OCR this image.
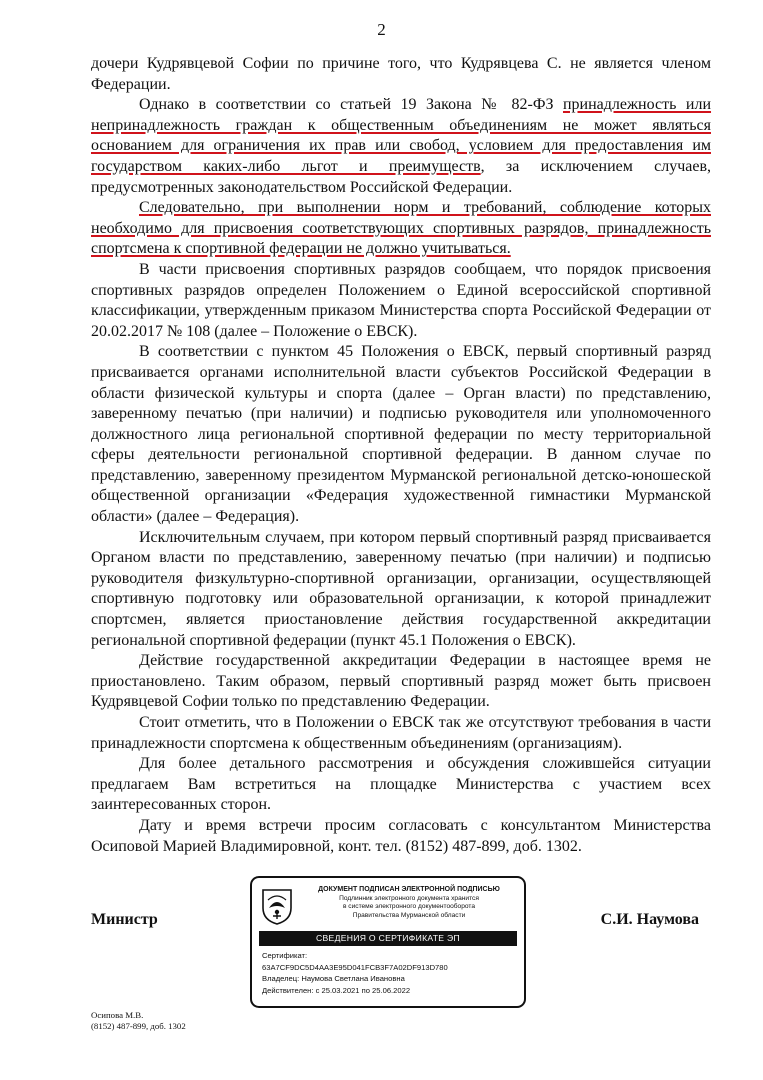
2

дочери Кудрявцевой Софии по причине того, что Кудрявцева С. не является членом Федерации.

Однако в соответствии со статьей 19 Закона № 82-ФЗ принадлежность или непринадлежность граждан к общественным объединениям не может являться основанием для ограничения их прав или свобод, условием для предоставления им государством каких-либо льгот и преимуществ, за исключением случаев, предусмотренных законодательством Российской Федерации.

Следовательно, при выполнении норм и требований, соблюдение которых необходимо для присвоения соответствующих спортивных разрядов, принадлежность спортсмена к спортивной федерации не должно учитываться.

В части присвоения спортивных разрядов сообщаем, что порядок присвоения спортивных разрядов определен Положением о Единой всероссийской спортивной классификации, утвержденным приказом Министерства спорта Российской Федерации от 20.02.2017 № 108 (далее – Положение о ЕВСК).

В соответствии с пунктом 45 Положения о ЕВСК, первый спортивный разряд присваивается органами исполнительной власти субъектов Российской Федерации в области физической культуры и спорта (далее – Орган власти) по представлению, заверенному печатью (при наличии) и подписью руководителя или уполномоченного должностного лица региональной спортивной федерации по месту территориальной сферы деятельности региональной спортивной федерации. В данном случае по представлению, заверенному президентом Мурманской региональной детско-юношеской общественной организации «Федерация художественной гимнастики Мурманской области» (далее – Федерация).

Исключительным случаем, при котором первый спортивный разряд присваивается Органом власти по представлению, заверенному печатью (при наличии) и подписью руководителя физкультурно-спортивной организации, организации, осуществляющей спортивную подготовку или образовательной организации, к которой принадлежит спортсмен, является приостановление действия государственной аккредитации региональной спортивной федерации (пункт 45.1 Положения о ЕВСК).

Действие государственной аккредитации Федерации в настоящее время не приостановлено. Таким образом, первый спортивный разряд может быть присвоен Кудрявцевой Софии только по представлению Федерации.

Стоит отметить, что в Положении о ЕВСК так же отсутствуют требования в части принадлежности спортсмена к общественным объединениям (организациям).

Для более детального рассмотрения и обсуждения сложившейся ситуации предлагаем Вам встретиться на площадке Министерства с участием всех заинтересованных сторон.

Дату и время встречи просим согласовать с консультантом Министерства Осиповой Марией Владимировной, конт. тел. (8152) 487-899, доб. 1302.

Министр	С.И. Наумова
ДОКУМЕНТ ПОДПИСАН ЭЛЕКТРОННОЙ ПОДПИСЬЮ
Подлинник электронного документа хранится
в системе электронного документооборота
Правительства Мурманской области
СВЕДЕНИЯ О СЕРТИФИКАТЕ ЭП
Сертификат:
63A7CF9DC5D4AA3E95D041FCB3F7A02DF913D780
Владелец: Наумова Светлана Ивановна
Действителен: с 25.03.2021 по 25.06.2022
Осипова М.В.
(8152) 487-899, доб. 1302
